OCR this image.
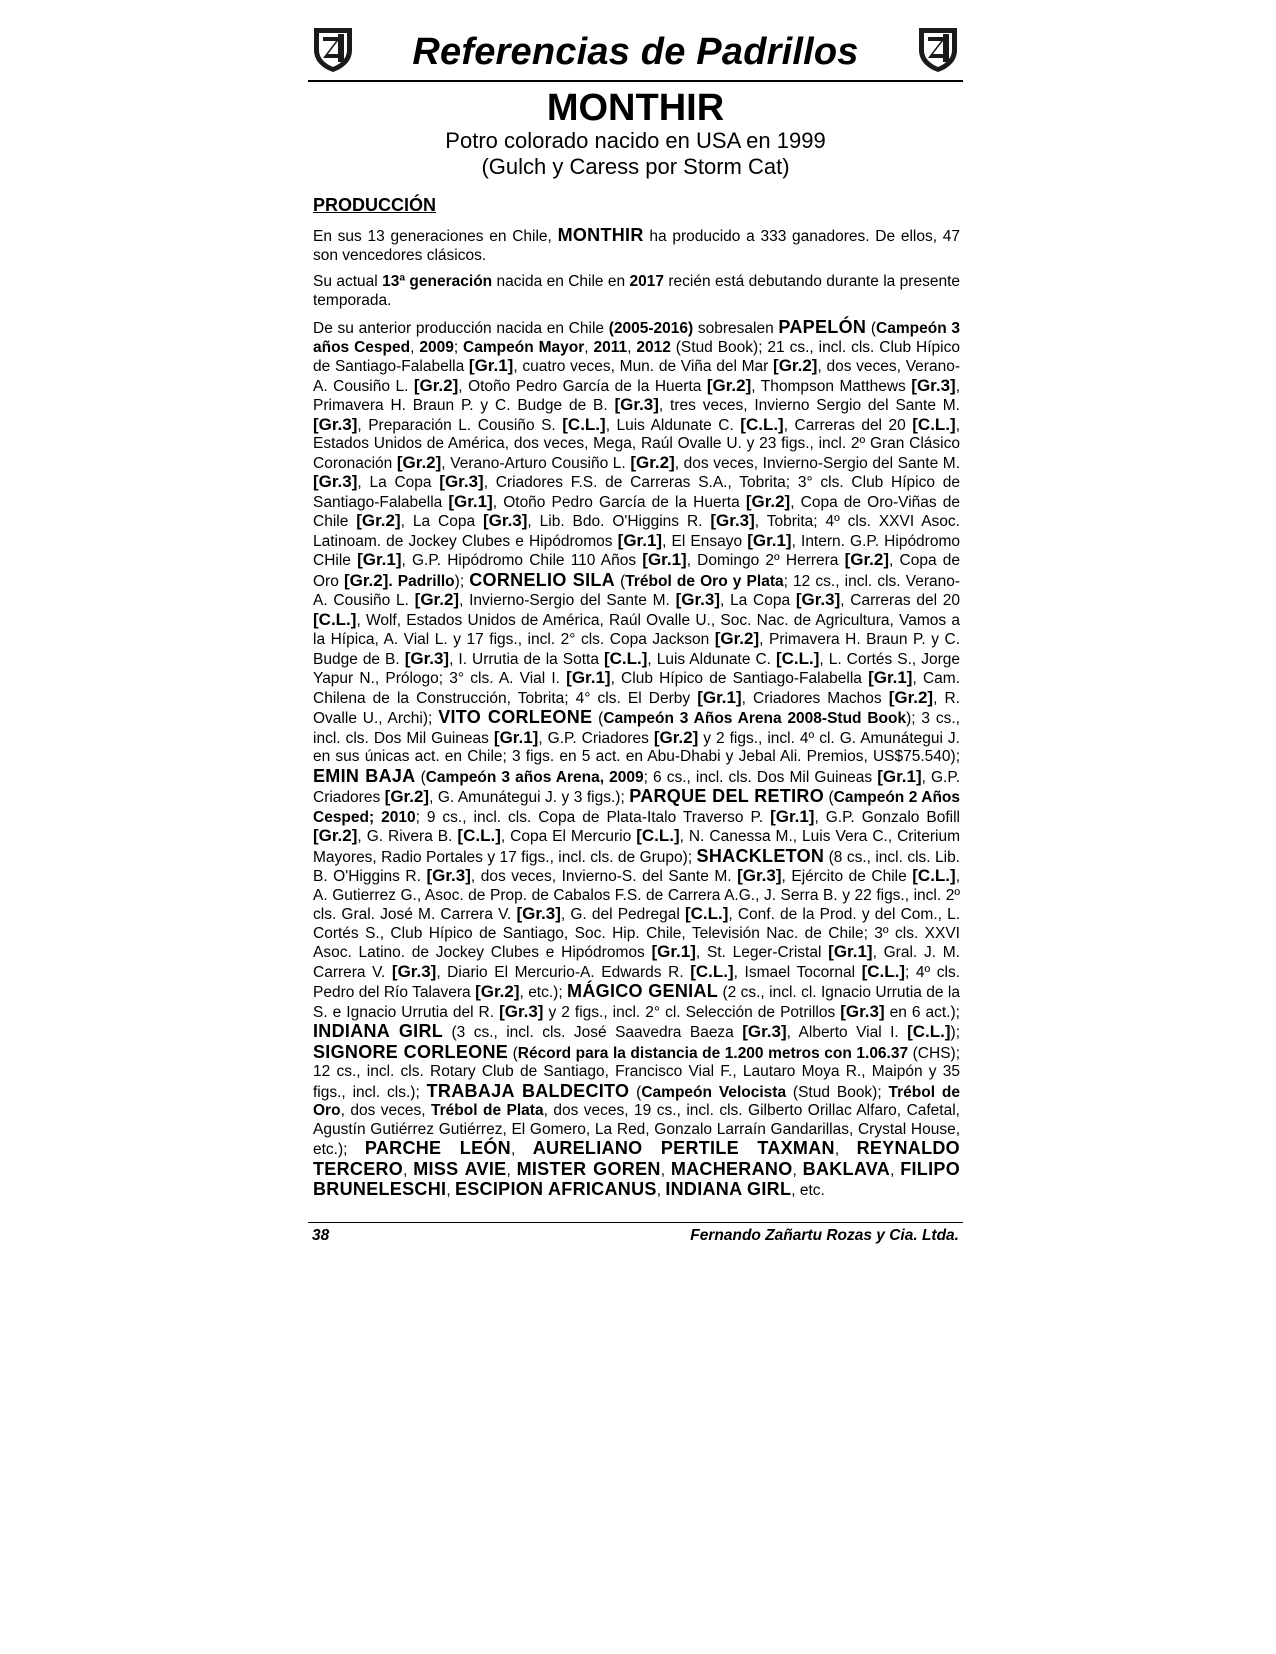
Referencias de Padrillos
MONTHIR
Potro colorado nacido en USA en 1999
(Gulch y Caress por Storm Cat)
PRODUCCIÓN

En sus 13 generaciones en Chile, MONTHIR ha producido a 333 ganadores. De ellos, 47 son vencedores clásicos.

Su actual 13ª generación nacida en Chile en 2017 recién está debutando durante la presente temporada.

De su anterior producción nacida en Chile (2005-2016) sobresalen PAPELÓN (Campeón 3 años Cesped, 2009; Campeón Mayor, 2011, 2012 (Stud Book); 21 cs., incl. cls. Club Hípico de Santiago-Falabella [Gr.1], cuatro veces, Mun. de Viña del Mar [Gr.2], dos veces, Verano-A. Cousiño L. [Gr.2], Otoño Pedro García de la Huerta [Gr.2], Thompson Matthews [Gr.3], Primavera H. Braun P. y C. Budge de B. [Gr.3], tres veces, Invierno Sergio del Sante M. [Gr.3], Preparación L. Cousiño S. [C.L.], Luis Aldunate C. [C.L.], Carreras del 20 [C.L.], Estados Unidos de América, dos veces, Mega, Raúl Ovalle U. y 23 figs., incl. 2º Gran Clásico Coronación [Gr.2], Verano-Arturo Cousiño L. [Gr.2], dos veces, Invierno-Sergio del Sante M. [Gr.3], La Copa [Gr.3], Criadores F.S. de Carreras S.A., Tobrita; 3° cls. Club Hípico de Santiago-Falabella [Gr.1], Otoño Pedro García de la Huerta [Gr.2], Copa de Oro-Viñas de Chile [Gr.2], La Copa [Gr.3], Lib. Bdo. O'Higgins R. [Gr.3], Tobrita; 4º cls. XXVI Asoc. Latinoam. de Jockey Clubes e Hipódromos [Gr.1], El Ensayo [Gr.1], Intern. G.P. Hipódromo CHile [Gr.1], G.P. Hipódromo Chile 110 Años [Gr.1], Domingo 2º Herrera [Gr.2], Copa de Oro [Gr.2]. Padrillo); CORNELIO SILA (Trébol de Oro y Plata; 12 cs., incl. cls. Verano-A. Cousiño L. [Gr.2], Invierno-Sergio del Sante M. [Gr.3], La Copa [Gr.3], Carreras del 20 [C.L.], Wolf, Estados Unidos de América, Raúl Ovalle U., Soc. Nac. de Agricultura, Vamos a la Hípica, A. Vial L. y 17 figs., incl. 2° cls. Copa Jackson [Gr.2], Primavera H. Braun P. y C. Budge de B. [Gr.3], I. Urrutia de la Sotta [C.L.], Luis Aldunate C. [C.L.], L. Cortés S., Jorge Yapur N., Prólogo; 3° cls. A. Vial I. [Gr.1], Club Hípico de Santiago-Falabella [Gr.1], Cam. Chilena de la Construcción, Tobrita; 4° cls. El Derby [Gr.1], Criadores Machos [Gr.2], R. Ovalle U., Archi); VITO CORLEONE (Campeón 3 Años Arena 2008-Stud Book); 3 cs., incl. cls. Dos Mil Guineas [Gr.1], G.P. Criadores [Gr.2] y 2 figs., incl. 4º cl. G. Amunátegui J. en sus únicas act. en Chile; 3 figs. en 5 act. en Abu-Dhabi y Jebal Ali. Premios, US$75.540); EMIN BAJA (Campeón 3 años Arena, 2009; 6 cs., incl. cls. Dos Mil Guineas [Gr.1], G.P. Criadores [Gr.2], G. Amunátegui J. y 3 figs.); PARQUE DEL RETIRO (Campeón 2 Años Cesped; 2010; 9 cs., incl. cls. Copa de Plata-Italo Traverso P. [Gr.1], G.P. Gonzalo Bofill [Gr.2], G. Rivera B. [C.L.], Copa El Mercurio [C.L.], N. Canessa M., Luis Vera C., Criterium Mayores, Radio Portales y 17 figs., incl. cls. de Grupo); SHACKLETON (8 cs., incl. cls. Lib. B. O'Higgins R. [Gr.3], dos veces, Invierno-S. del Sante M. [Gr.3], Ejército de Chile [C.L.], A. Gutierrez G., Asoc. de Prop. de Cabalos F.S. de Carrera A.G., J. Serra B. y 22 figs., incl. 2º cls. Gral. José M. Carrera V. [Gr.3], G. del Pedregal [C.L.], Conf. de la Prod. y del Com., L. Cortés S., Club Hípico de Santiago, Soc. Hip. Chile, Televisión Nac. de Chile; 3º cls. XXVI Asoc. Latino. de Jockey Clubes e Hipódromos [Gr.1], St. Leger-Cristal [Gr.1], Gral. J. M. Carrera V. [Gr.3], Diario El Mercurio-A. Edwards R. [C.L.], Ismael Tocornal [C.L.]; 4º cls. Pedro del Río Talavera [Gr.2], etc.); MÁGICO GENIAL (2 cs., incl. cl. Ignacio Urrutia de la S. e Ignacio Urrutia del R. [Gr.3] y 2 figs., incl. 2° cl. Selección de Potrillos [Gr.3] en 6 act.); INDIANA GIRL (3 cs., incl. cls. José Saavedra Baeza [Gr.3], Alberto Vial I. [C.L.]); SIGNORE CORLEONE (Récord para la distancia de 1.200 metros con 1.06.37 (CHS); 12 cs., incl. cls. Rotary Club de Santiago, Francisco Vial F., Lautaro Moya R., Maipón y 35 figs., incl. cls.); TRABAJA BALDECITO (Campeón Velocista (Stud Book); Trébol de Oro, dos veces, Trébol de Plata, dos veces, 19 cs., incl. cls. Gilberto Orillac Alfaro, Cafetal, Agustín Gutiérrez Gutiérrez, El Gomero, La Red, Gonzalo Larraín Gandarillas, Crystal House, etc.); PARCHE LEÓN, AURELIANO PERTILE TAXMAN, REYNALDO TERCERO, MISS AVIE, MISTER GOREN, MACHERANO, BAKLAVA, FILIPO BRUNELESCHI, ESCIPION AFRICANUS, INDIANA GIRL, etc.

38	Fernando Zañartu Rozas y Cia. Ltda.
